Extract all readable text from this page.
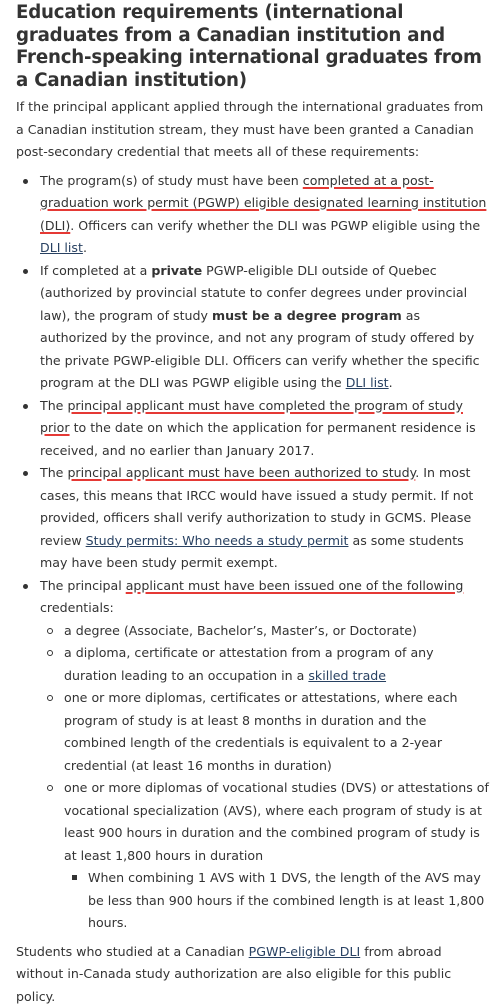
Education requirements (international graduates from a Canadian institution and French-speaking international graduates from a Canadian institution)

If the principal applicant applied through the international graduates from a Canadian institution stream, they must have been granted a Canadian post-secondary credential that meets all of these requirements:

The program(s) of study must have been completed at a post-graduation work permit (PGWP) eligible designated learning institution (DLI). Officers can verify whether the DLI was PGWP eligible using the DLI list.
If completed at a private PGWP-eligible DLI outside of Quebec (authorized by provincial statute to confer degrees under provincial law), the program of study must be a degree program as authorized by the province, and not any program of study offered by the private PGWP-eligible DLI. Officers can verify whether the specific program at the DLI was PGWP eligible using the DLI list.
The principal applicant must have completed the program of study prior to the date on which the application for permanent residence is received, and no earlier than January 2017.
The principal applicant must have been authorized to study. In most cases, this means that IRCC would have issued a study permit. If not provided, officers shall verify authorization to study in GCMS. Please review Study permits: Who needs a study permit as some students may have been study permit exempt.
The principal applicant must have been issued one of the following credentials:
a degree (Associate, Bachelor’s, Master’s, or Doctorate)
a diploma, certificate or attestation from a program of any duration leading to an occupation in a skilled trade
one or more diplomas, certificates or attestations, where each program of study is at least 8 months in duration and the combined length of the credentials is equivalent to a 2-year credential (at least 16 months in duration)
one or more diplomas of vocational studies (DVS) or attestations of vocational specialization (AVS), where each program of study is at least 900 hours in duration and the combined program of study is at least 1,800 hours in duration
When combining 1 AVS with 1 DVS, the length of the AVS may be less than 900 hours if the combined length is at least 1,800 hours.

Students who studied at a Canadian PGWP-eligible DLI from abroad without in-Canada study authorization are also eligible for this public policy.
